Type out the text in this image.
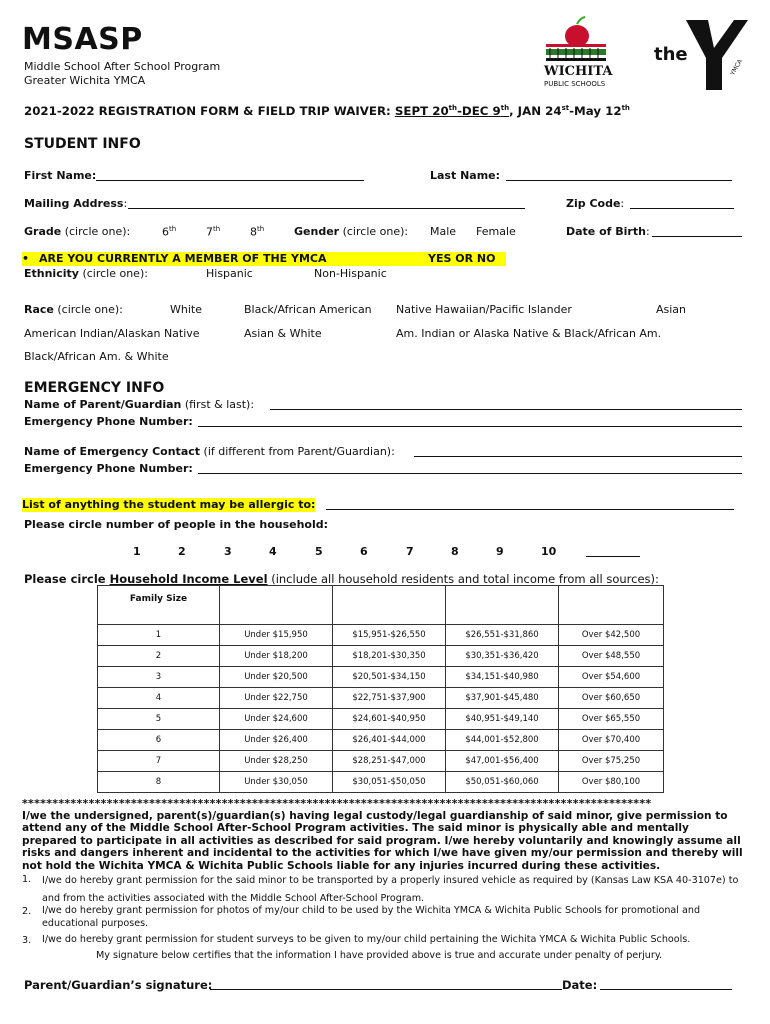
MSASP
Middle School After School Program
Greater Wichita YMCA
WICHITA
PUBLIC SCHOOLS
the
YMCA
2021-2022 REGISTRATION FORM & FIELD TRIP WAIVER: SEPT 20th-DEC 9th, JAN 24st-May 12th
STUDENT INFO
First Name:	Last Name:
Mailing Address:	Zip Code:
Grade (circle one):	6th	7th	8th	Gender (circle one): Male Female	Date of Birth:
• ARE YOU CURRENTLY A MEMBER OF THE YMCA	YES OR NO
Ethnicity (circle one):	Hispanic	Non-Hispanic
Race (circle one):	White	Black/African American Native Hawaiian/Pacific Islander	Asian
American Indian/Alaskan Native	Asian & White	Am. Indian or Alaska Native & Black/African Am.
Black/African Am. & White
EMERGENCY INFO
Name of Parent/Guardian (first & last):
Emergency Phone Number:
Name of Emergency Contact (if different from Parent/Guardian):
Emergency Phone Number:
List of anything the student may be allergic to:
Please circle number of people in the household:
1	2	3	4	5	6	7	8	9	10
Please circle Household Income Level (include all household residents and total income from all sources):
Family Size				
1	Under $15,950	$15,951-$26,550	$26,551-$31,860	Over $42,500
2	Under $18,200	$18,201-$30,350	$30,351-$36,420	Over $48,550
3	Under $20,500	$20,501-$34,150	$34,151-$40,980	Over $54,600
4	Under $22,750	$22,751-$37,900	$37,901-$45,480	Over $60,650
5	Under $24,600	$24,601-$40,950	$40,951-$49,140	Over $65,550
6	Under $26,400	$26,401-$44,000	$44,001-$52,800	Over $70,400
7	Under $28,250	$28,251-$47,000	$47,001-$56,400	Over $75,250
8	Under $30,050	$30,051-$50,050	$50,051-$60,060	Over $80,100
********************************************************************************************************
I/we the undersigned, parent(s)/guardian(s) having legal custody/legal guardianship of said minor, give permission to attend any of the Middle School After-School Program activities. The said minor is physically able and mentally prepared to participate in all activities as described for said program. I/we hereby voluntarily and knowingly assume all risks and dangers inherent and incidental to the activities for which I/we have given my/our permission and thereby will not hold the Wichita YMCA & Wichita Public Schools liable for any injuries incurred during these activities.
1. I/we do hereby grant permission for the said minor to be transported by a properly insured vehicle as required by (Kansas Law KSA 40-3107e) to and from the activities associated with the Middle School After-School Program.
2. I/we do hereby grant permission for photos of my/our child to be used by the Wichita YMCA & Wichita Public Schools for promotional and educational purposes.
3. I/we do hereby grant permission for student surveys to be given to my/our child pertaining the Wichita YMCA & Wichita Public Schools.
My signature below certifies that the information I have provided above is true and accurate under penalty of perjury.
Parent/Guardian’s signature:	Date:
